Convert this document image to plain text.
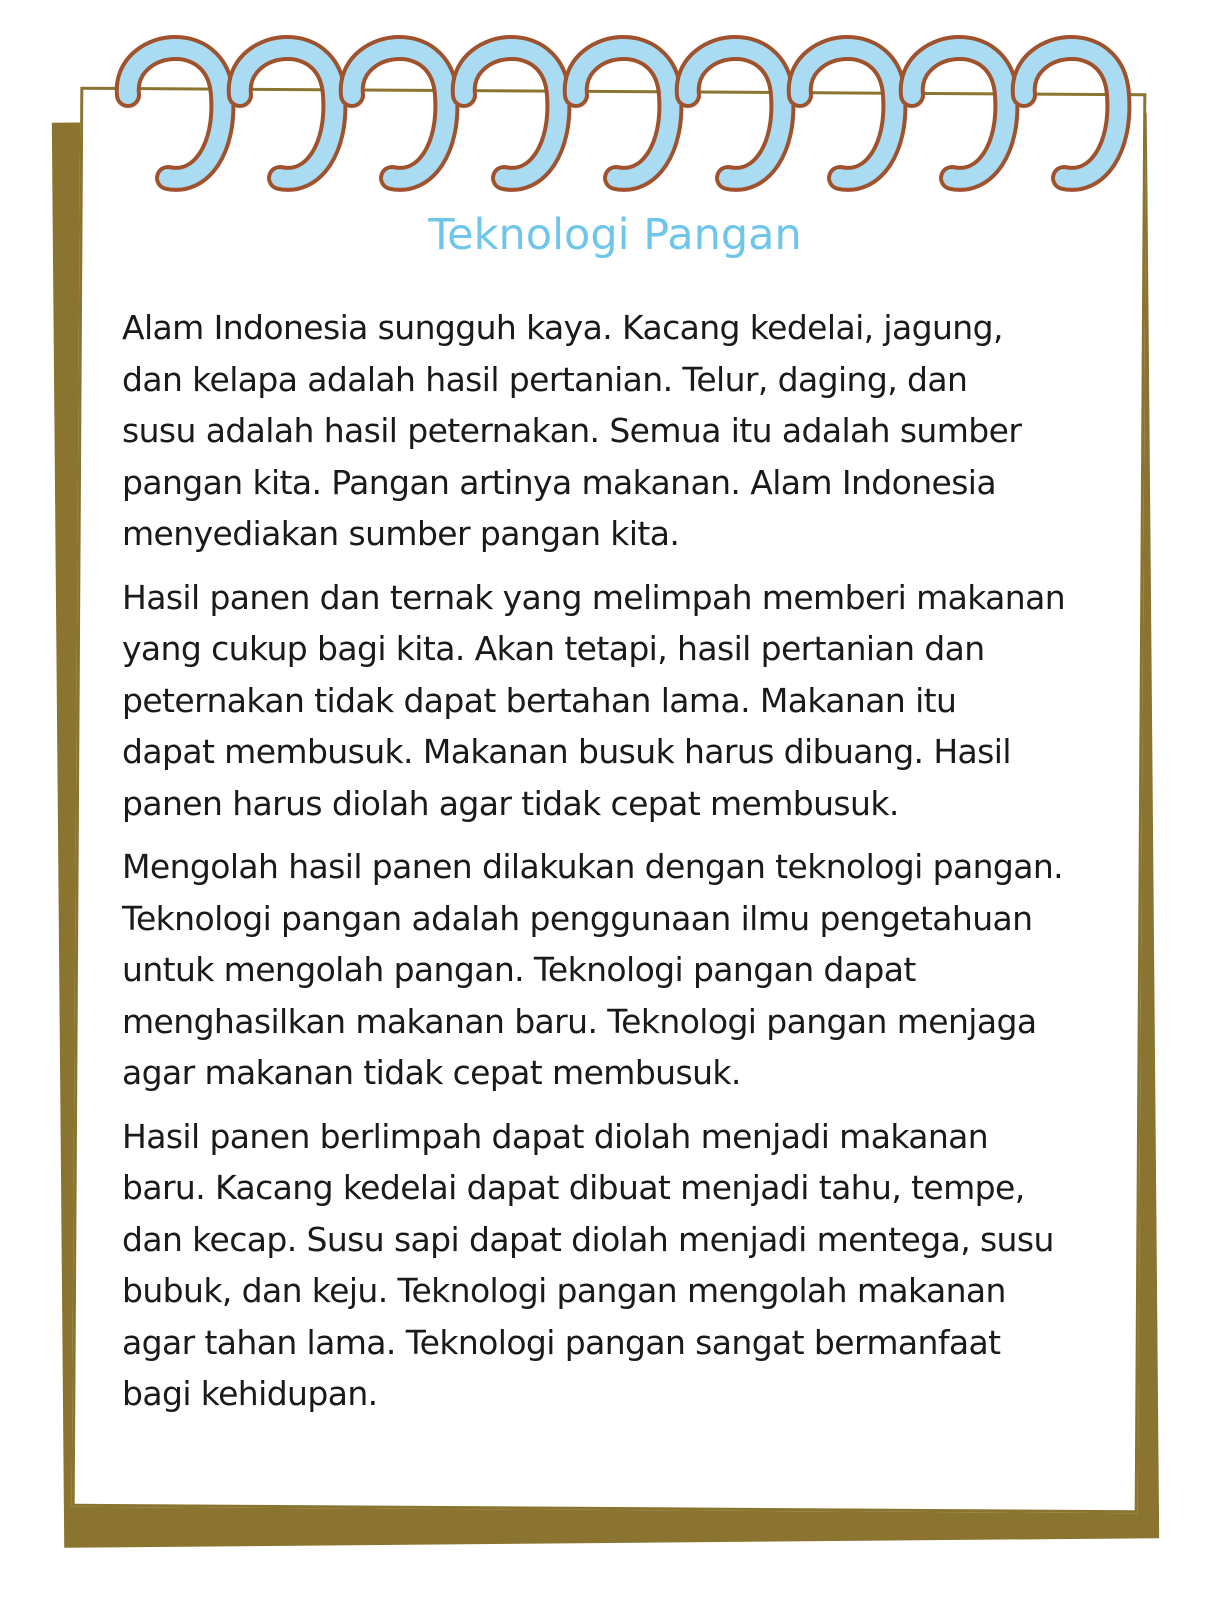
Teknologi Pangan

Alam Indonesia sungguh kaya. Kacang kedelai, jagung,
dan kelapa adalah hasil pertanian. Telur, daging, dan
susu adalah hasil peternakan. Semua itu adalah sumber
pangan kita. Pangan artinya makanan. Alam Indonesia
menyediakan sumber pangan kita.

Hasil panen dan ternak yang melimpah memberi makanan
yang cukup bagi kita. Akan tetapi, hasil pertanian dan
peternakan tidak dapat bertahan lama. Makanan itu
dapat membusuk. Makanan busuk harus dibuang. Hasil
panen harus diolah agar tidak cepat membusuk.

Mengolah hasil panen dilakukan dengan teknologi pangan.
Teknologi pangan adalah penggunaan ilmu pengetahuan
untuk mengolah pangan. Teknologi pangan dapat
menghasilkan makanan baru. Teknologi pangan menjaga
agar makanan tidak cepat membusuk.

Hasil panen berlimpah dapat diolah menjadi makanan
baru. Kacang kedelai dapat dibuat menjadi tahu, tempe,
dan kecap. Susu sapi dapat diolah menjadi mentega, susu
bubuk, dan keju. Teknologi pangan mengolah makanan
agar tahan lama. Teknologi pangan sangat bermanfaat
bagi kehidupan.
